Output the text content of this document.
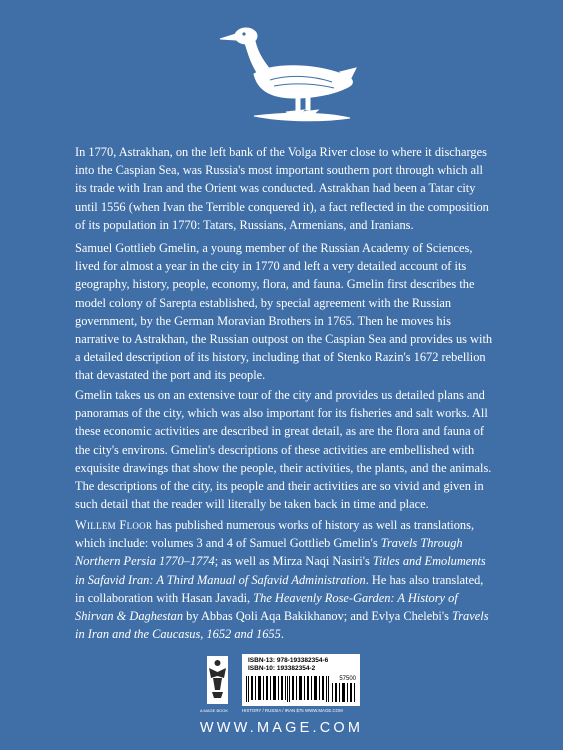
In 1770, Astrakhan, on the left bank of the Volga River close to where it discharges into the Caspian Sea, was Russia's most important southern port through which all its trade with Iran and the Orient was conducted. Astrakhan had been a Tatar city until 1556 (when Ivan the Terrible conquered it), a fact reflected in the composition of its population in 1770: Tatars, Russians, Armenians, and Iranians.
Samuel Gottlieb Gmelin, a young member of the Russian Academy of Sciences, lived for almost a year in the city in 1770 and left a very detailed account of its geography, history, people, economy, flora, and fauna. Gmelin first describes the model colony of Sarepta established, by special agreement with the Russian government, by the German Moravian Brothers in 1765. Then he moves his narrative to Astrakhan, the Russian outpost on the Caspian Sea and provides us with a detailed description of its history, including that of Stenko Razin's 1672 rebellion that devastated the port and its people.
Gmelin takes us on an extensive tour of the city and provides us detailed plans and panoramas of the city, which was also important for its fisheries and salt works. All these economic activities are described in great detail, as are the flora and fauna of the city's environs. Gmelin's descriptions of these activities are embellished with exquisite drawings that show the people, their activities, the plants, and the animals. The descriptions of the city, its people and their activities are so vivid and given in such detail that the reader will literally be taken back in time and place.
Willem Floor has published numerous works of history as well as translations, which include: volumes 3 and 4 of Samuel Gottlieb Gmelin's Travels Through Northern Persia 1770–1774; as well as Mirza Naqi Nasiri's Titles and Emoluments in Safavid Iran: A Third Manual of Safavid Administration. He has also translated, in collaboration with Hasan Javadi, The Heavenly Rose-Garden: A History of Shirvan & Daghestan by Abbas Qoli Aqa Bakikhanov; and Evlya Chelebi's Travels in Iran and the Caucasus, 1652 and 1655.
A MAGE BOOK
ISBN-13: 978-193382354-6
ISBN-10: 193382354-2
57500
HISTORY / RUSSIA / IRAN $75 WWW.MAGE.COM
WWW.MAGE.COM
